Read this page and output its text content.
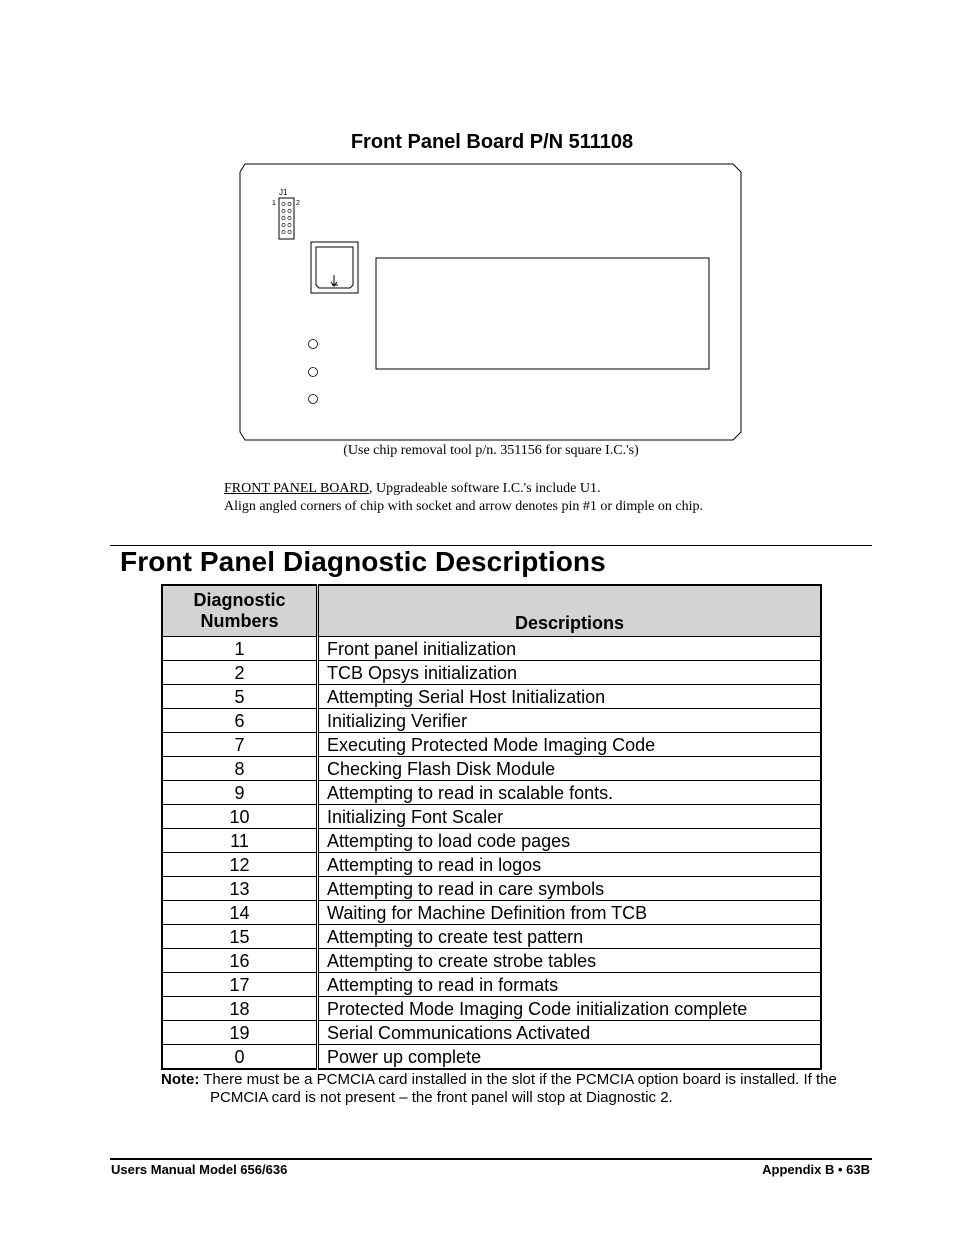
Front Panel Board P/N 511108
J1
1	2
(Use chip removal tool p/n. 351156 for square I.C.'s)
FRONT PANEL BOARD, Upgradeable software I.C.'s include U1.
Align angled corners of chip with socket and arrow denotes pin #1 or dimple on chip.
Front Panel Diagnostic Descriptions
Diagnostic
Numbers	Descriptions
1	Front panel initialization
2	TCB Opsys initialization
5	Attempting Serial Host Initialization
6	Initializing Verifier
7	Executing Protected Mode Imaging Code
8	Checking Flash Disk Module
9	Attempting to read in scalable fonts.
10	Initializing Font Scaler
11	Attempting to load code pages
12	Attempting to read in logos
13	Attempting to read in care symbols
14	Waiting for Machine Definition from TCB
15	Attempting to create test pattern
16	Attempting to create strobe tables
17	Attempting to read in formats
18	Protected Mode Imaging Code initialization complete
19	Serial Communications Activated
0	Power up complete
Note: There must be a PCMCIA card installed in the slot if the PCMCIA option board is installed. If the
PCMCIA card is not present – the front panel will stop at Diagnostic 2.
Users Manual Model 656/636	Appendix B • 63B
